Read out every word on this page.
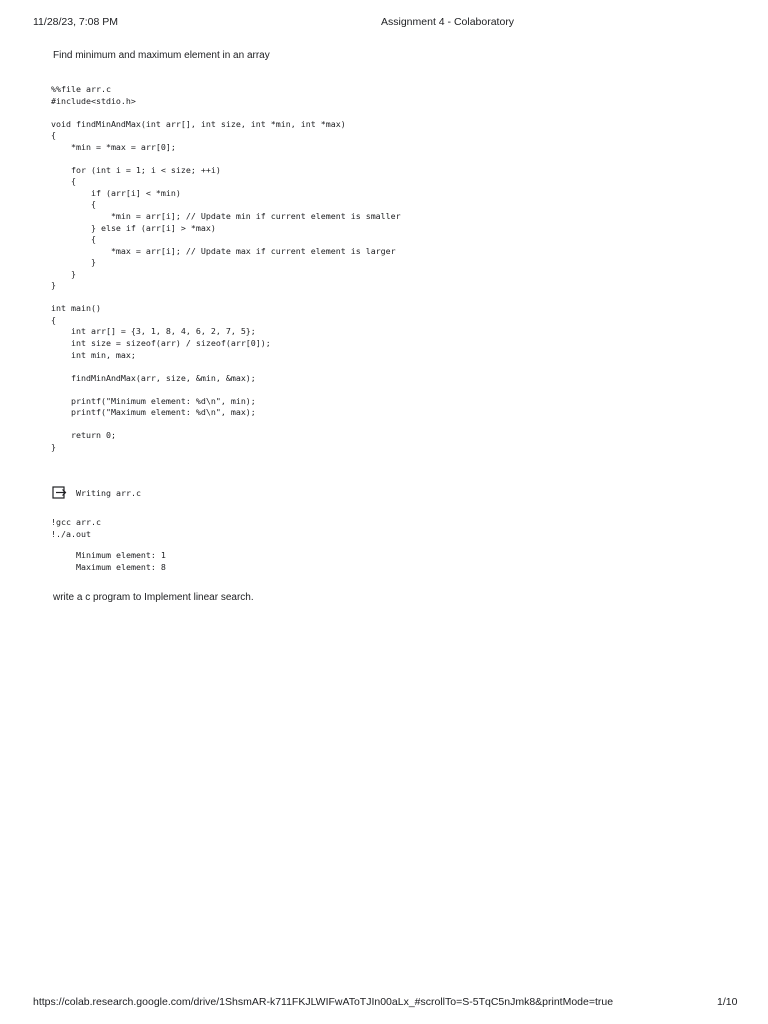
11/28/23, 7:08 PM	Assignment 4 - Colaboratory
Find minimum and maximum element in an array
%%file arr.c
#include<stdio.h>
void findMinAndMax(int arr[], int size, int *min, int *max)
{
*min = *max = arr[0];
for (int i = 1; i < size; ++i)
{
if (arr[i] < *min)
{
*min = arr[i]; // Update min if current element is smaller
} else if (arr[i] > *max)
{
*max = arr[i]; // Update max if current element is larger
}
}
}
int main()
{
int arr[] = {3, 1, 8, 4, 6, 2, 7, 5};
int size = sizeof(arr) / sizeof(arr[0]);
int min, max;
findMinAndMax(arr, size, &min, &max);
printf("Minimum element: %d\n", min);
printf("Maximum element: %d\n", max);
return 0;
}
Writing arr.c
!gcc arr.c
!./a.out
Minimum element: 1
Maximum element: 8
write a c program to Implement linear search.
https://colab.research.google.com/drive/1ShsmAR-k711FKJLWIFwAToTJIn00aLx_#scrollTo=S-5TqC5nJmk8&printMode=true	1/10
